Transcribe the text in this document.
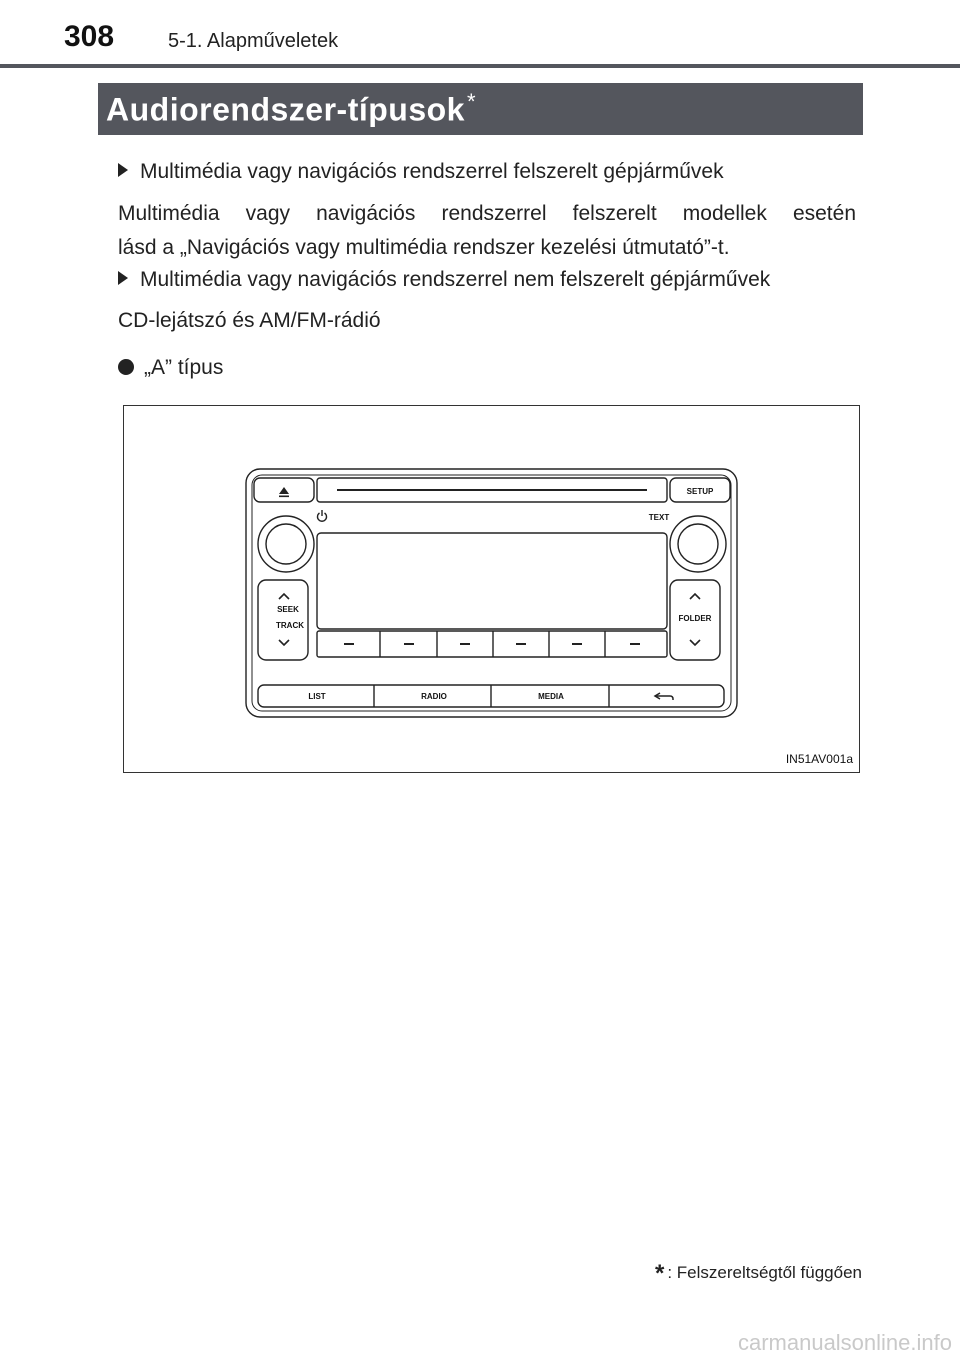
308	5-1. Alapműveletek
Audiorendszer-típusok*
Multimédia vagy navigációs rendszerrel felszerelt gépjárművek
Multimédia vagy navigációs rendszerrel felszerelt modellek esetén
lásd a „Navigációs vagy multimédia rendszer kezelési útmutató”-t.
Multimédia vagy navigációs rendszerrel nem felszerelt gépjárművek
CD-lejátszó és AM/FM-rádió
„A” típus
SETUP
TEXT
SEEK
TRACK
FOLDER
LIST	RADIO	MEDIA
IN51AV001a
* : Felszereltségtől függően
carmanualsonline.info
